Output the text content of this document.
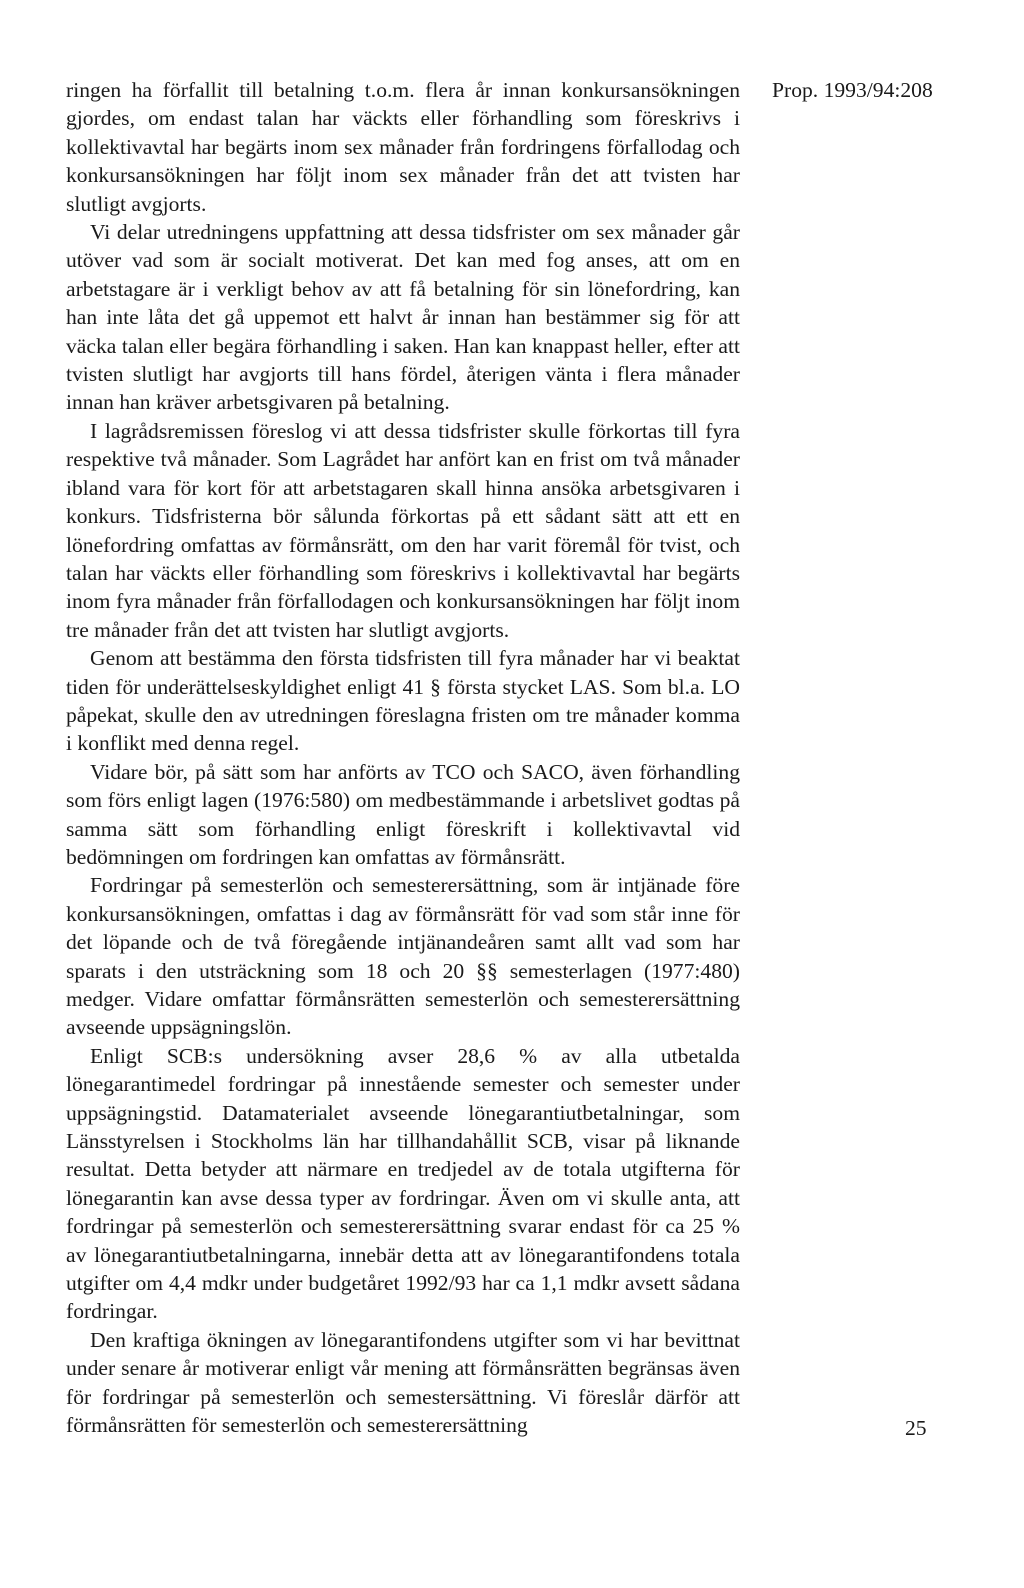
Prop. 1993/94:208

ringen ha förfallit till betalning t.o.m. flera år innan konkursansökningen gjordes, om endast talan har väckts eller förhandling som föreskrivs i kollektivavtal har begärts inom sex månader från fordringens förfallodag och konkursansökningen har följt inom sex månader från det att tvisten har slutligt avgjorts.

Vi delar utredningens uppfattning att dessa tidsfrister om sex månader går utöver vad som är socialt motiverat. Det kan med fog anses, att om en arbetstagare är i verkligt behov av att få betalning för sin lönefordring, kan han inte låta det gå uppemot ett halvt år innan han bestämmer sig för att väcka talan eller begära förhandling i saken. Han kan knappast heller, efter att tvisten slutligt har avgjorts till hans fördel, återigen vänta i flera månader innan han kräver arbetsgivaren på betalning.

I lagrådsremissen föreslog vi att dessa tidsfrister skulle förkortas till fyra respektive två månader. Som Lagrådet har anfört kan en frist om två månader ibland vara för kort för att arbetstagaren skall hinna ansöka arbetsgivaren i konkurs. Tidsfristerna bör sålunda förkortas på ett sådant sätt att ett en lönefordring omfattas av förmånsrätt, om den har varit föremål för tvist, och talan har väckts eller förhandling som föreskrivs i kollektivavtal har begärts inom fyra månader från förfallodagen och konkursansökningen har följt inom tre månader från det att tvisten har slutligt avgjorts.

Genom att bestämma den första tidsfristen till fyra månader har vi beaktat tiden för underättelseskyldighet enligt 41 § första stycket LAS. Som bl.a. LO påpekat, skulle den av utredningen föreslagna fristen om tre månader komma i konflikt med denna regel.

Vidare bör, på sätt som har anförts av TCO och SACO, även förhandling som förs enligt lagen (1976:580) om medbestämmande i arbetslivet godtas på samma sätt som förhandling enligt föreskrift i kollektivavtal vid bedömningen om fordringen kan omfattas av förmånsrätt.

Fordringar på semesterlön och semesterersättning, som är intjänade före konkursansökningen, omfattas i dag av förmånsrätt för vad som står inne för det löpande och de två föregående intjänandeåren samt allt vad som har sparats i den utsträckning som 18 och 20 §§ semesterlagen (1977:480) medger. Vidare omfattar förmånsrätten semesterlön och semesterersättning avseende uppsägningslön.

Enligt SCB:s undersökning avser 28,6 % av alla utbetalda lönegarantimedel fordringar på innestående semester och semester under uppsägningstid. Datamaterialet avseende lönegarantiutbetalningar, som Länsstyrelsen i Stockholms län har tillhandahållit SCB, visar på liknande resultat. Detta betyder att närmare en tredjedel av de totala utgifterna för lönegarantin kan avse dessa typer av fordringar. Även om vi skulle anta, att fordringar på semesterlön och semesterersättning svarar endast för ca 25 % av lönegarantiutbetalningarna, innebär detta att av lönegarantifondens totala utgifter om 4,4 mdkr under budgetåret 1992/93 har ca 1,1 mdkr avsett sådana fordringar.

Den kraftiga ökningen av lönegarantifondens utgifter som vi har bevittnat under senare år motiverar enligt vår mening att förmånsrätten begränsas även för fordringar på semesterlön och semestersättning. Vi föreslår därför att förmånsrätten för semesterlön och semesterersättning	25
